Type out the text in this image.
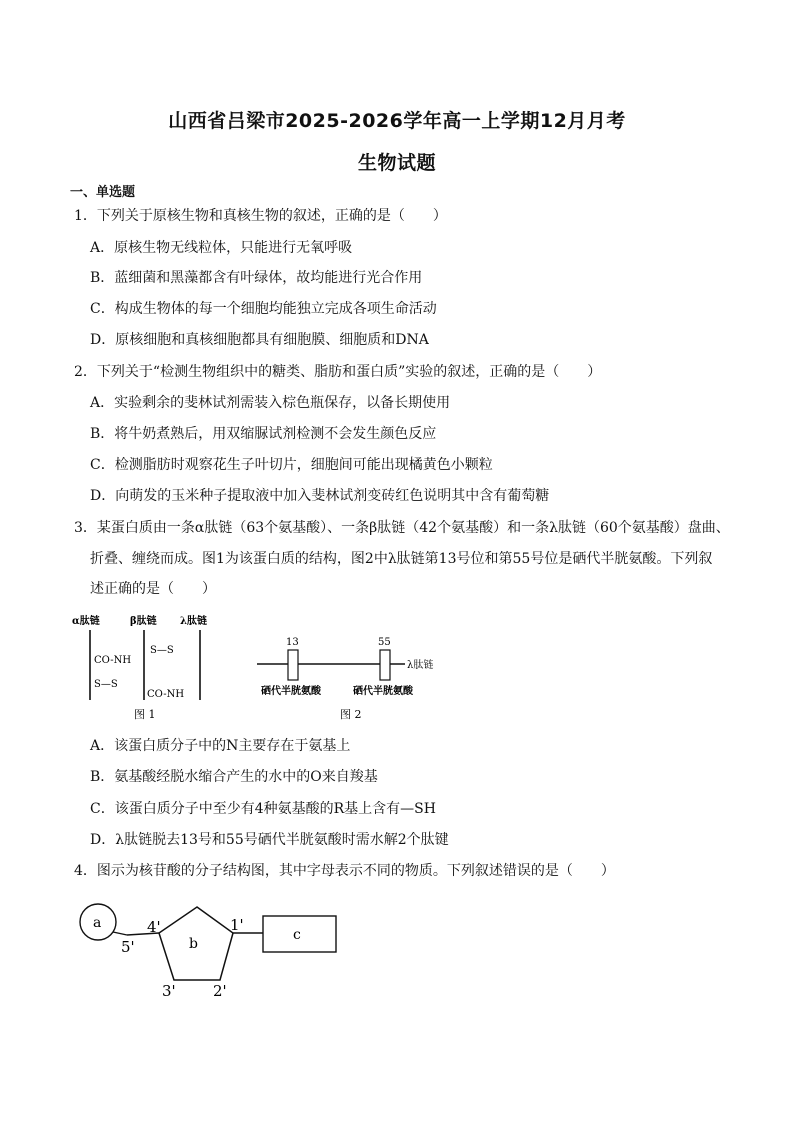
山西省吕梁市2025-2026学年高一上学期12月月考
生物试题
一、单选题
1．下列关于原核生物和真核生物的叙述，正确的是（　　）
A．原核生物无线粒体，只能进行无氧呼吸
B．蓝细菌和黑藻都含有叶绿体，故均能进行光合作用
C．构成生物体的每一个细胞均能独立完成各项生命活动
D．原核细胞和真核细胞都具有细胞膜、细胞质和DNA
2．下列关于“检测生物组织中的糖类、脂肪和蛋白质”实验的叙述，正确的是（　　）
A．实验剩余的斐林试剂需装入棕色瓶保存，以备长期使用
B．将牛奶煮熟后，用双缩脲试剂检测不会发生颜色反应
C．检测脂肪时观察花生子叶切片，细胞间可能出现橘黄色小颗粒
D．向萌发的玉米种子提取液中加入斐林试剂变砖红色说明其中含有葡萄糖
3．某蛋白质由一条α肽链（63个氨基酸）、一条β肽链（42个氨基酸）和一条λ肽链（60个氨基酸）盘曲、
折叠、缠绕而成。图1为该蛋白质的结构，图2中λ肽链第13号位和第55号位是硒代半胱氨酸。下列叙
述正确的是（　　）
α肽链	β肽链 λ肽链
S—S
CO-NH
S—S
CO-NH
图 1
13	55
λ肽链
硒代半胱氨酸	硒代半胱氨酸
图 2
A．该蛋白质分子中的N主要存在于氨基上
B．氨基酸经脱水缩合产生的水中的O来自羧基
C．该蛋白质分子中至少有4种氨基酸的R基上含有—SH
D．λ肽链脱去13号和55号硒代半胱氨酸时需水解2个肽键
4．图示为核苷酸的分子结构图，其中字母表示不同的物质。下列叙述错误的是（　　）
a
b
c
5'
4'	1'
3' 2'
